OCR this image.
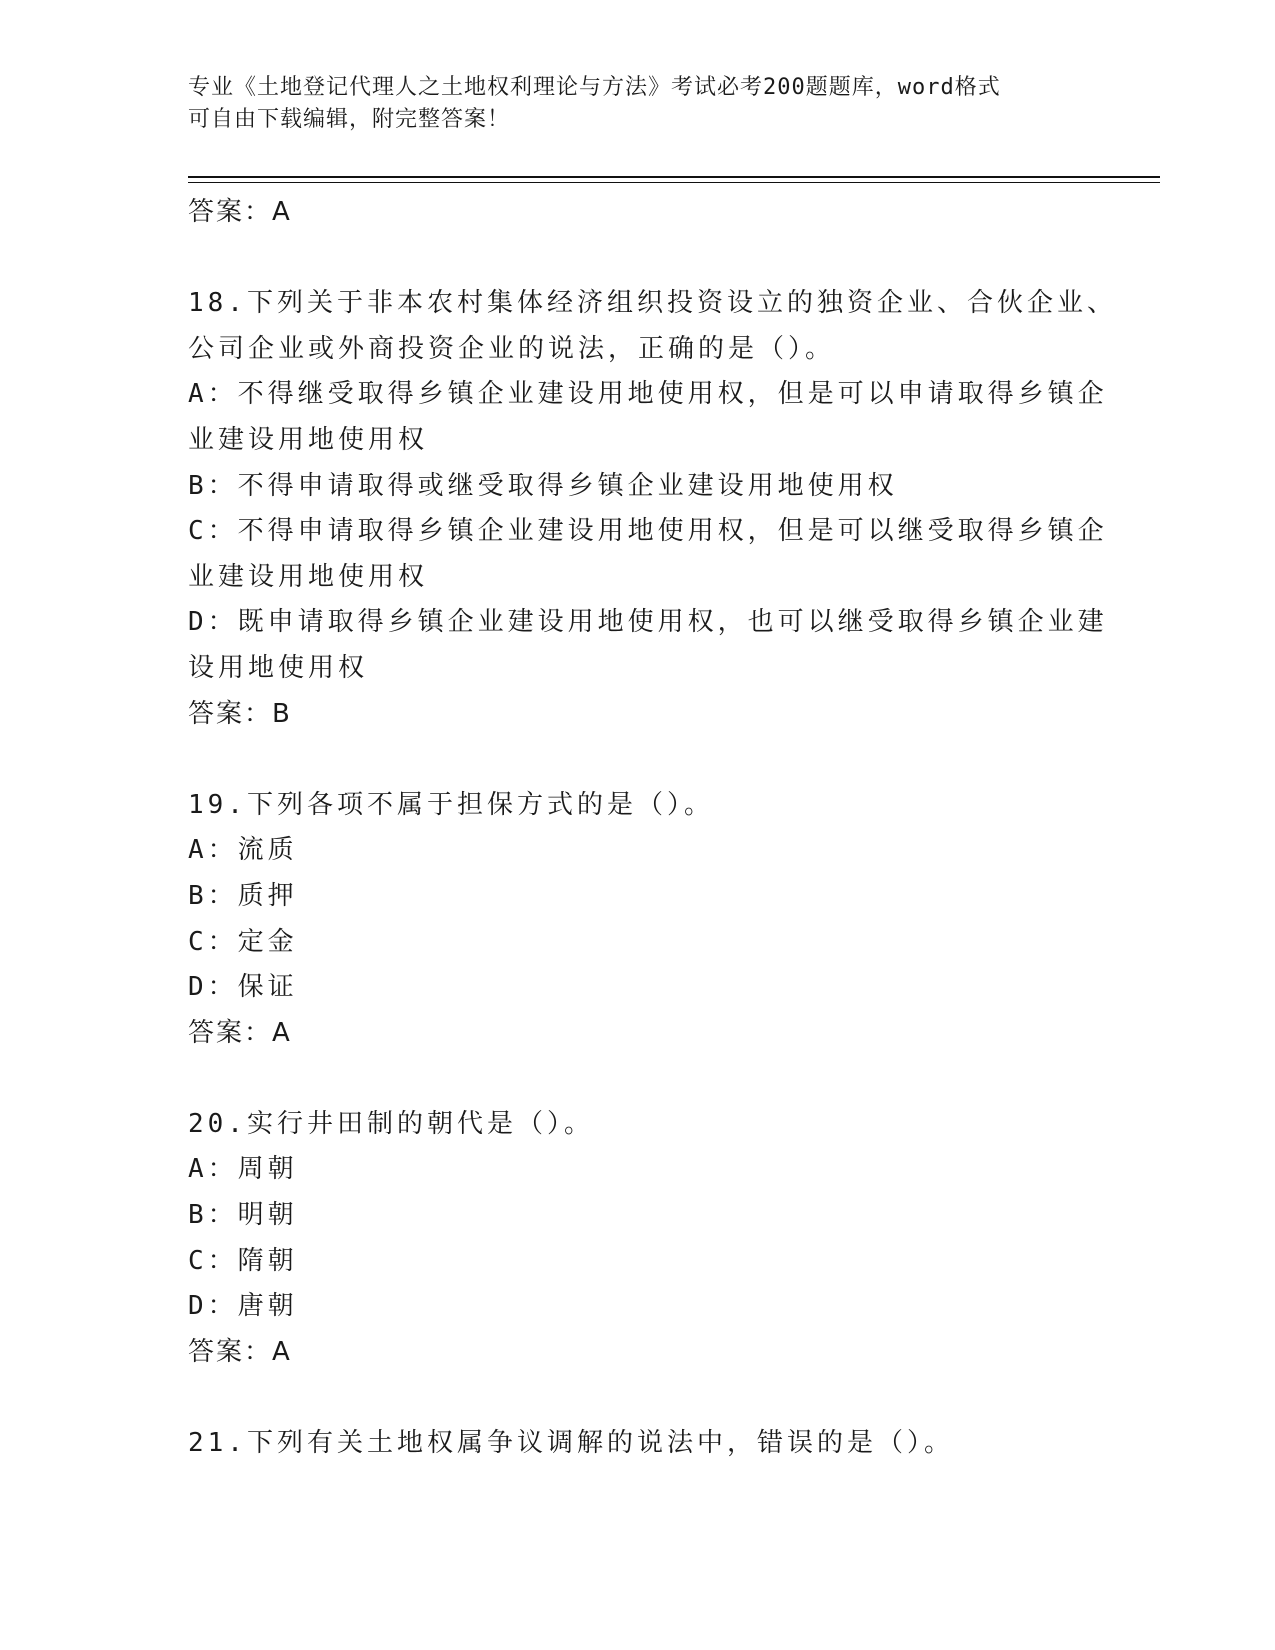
专业《土地登记代理人之土地权利理论与方法》考试必考200题题库，word格式
可自由下载编辑，附完整答案！
答案：A
18.下列关于非本农村集体经济组织投资设立的独资企业、合伙企业、
公司企业或外商投资企业的说法，正确的是（）。
A：不得继受取得乡镇企业建设用地使用权，但是可以申请取得乡镇企
业建设用地使用权
B：不得申请取得或继受取得乡镇企业建设用地使用权
C：不得申请取得乡镇企业建设用地使用权，但是可以继受取得乡镇企
业建设用地使用权
D：既申请取得乡镇企业建设用地使用权，也可以继受取得乡镇企业建
设用地使用权
答案：B
19.下列各项不属于担保方式的是（）。
A：流质
B：质押
C：定金
D：保证
答案：A
20.实行井田制的朝代是（）。
A：周朝
B：明朝
C：隋朝
D：唐朝
答案：A
21.下列有关土地权属争议调解的说法中，错误的是（）。
